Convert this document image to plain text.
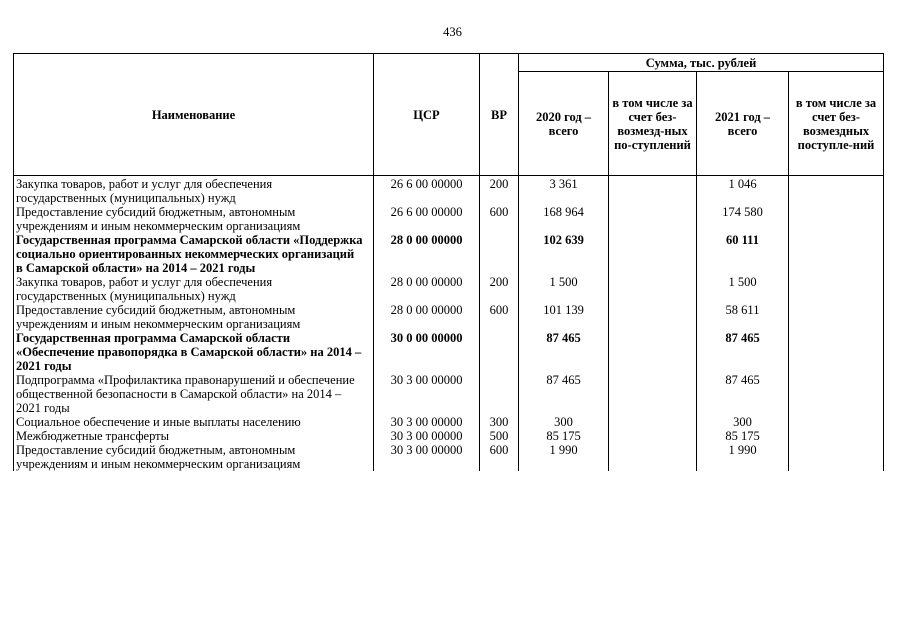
436
Наименование	ЦСР	ВР	Сумма, тыс. рублей			
			2020 год – всего	в том числе за счет без-возмезд-ных по-ступлений	2021 год – всего	в том числе за счет без-возмездных поступле-ний
Закупка товаров, работ и услуг для обеспечения государственных (муниципальных) нужд	26 6 00 00000	200	3 361		1 046	
Предоставление субсидий бюджетным, автономным учреждениям и иным некоммерческим организациям	26 6 00 00000	600	168 964		174 580	
Государственная программа Самарской области «Поддержка социально ориентированных некоммерческих организаций в Самарской области» на 2014 – 2021 годы	28 0 00 00000		102 639		60 111	
Закупка товаров, работ и услуг для обеспечения государственных (муниципальных) нужд	28 0 00 00000	200	1 500		1 500	
Предоставление субсидий бюджетным, автономным учреждениям и иным некоммерческим организациям	28 0 00 00000	600	101 139		58 611	
Государственная программа Самарской области «Обеспечение правопорядка в Самарской области» на 2014 – 2021 годы	30 0 00 00000		87 465		87 465	
Подпрограмма «Профилактика правонарушений и обеспечение общественной безопасности в Самарской области» на 2014 – 2021 годы	30 3 00 00000		87 465		87 465	
Социальное обеспечение и иные выплаты населению	30 3 00 00000	300	300		300	
Межбюджетные трансферты	30 3 00 00000	500	85 175		85 175	
Предоставление субсидий бюджетным, автономным учреждениям и иным некоммерческим организациям	30 3 00 00000	600	1 990		1 990	
